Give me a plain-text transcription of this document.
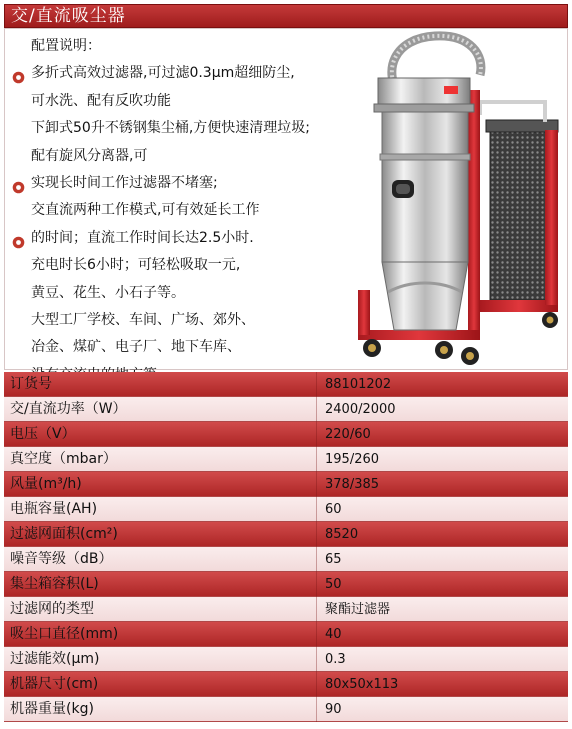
交/直流吸尘器
配置说明：
多折式高效过滤器,可过滤0.3μm超细防尘,
可水洗、配有反吹功能
下卸式50升不锈钢集尘桶,方便快速清理垃圾;
配有旋风分离器,可
实现长时间工作过滤器不堵塞;
交直流两种工作模式,可有效延长工作
的时间；直流工作时间长达2.5小时.
充电时长6小时；可轻松吸取一元,
黄豆、花生、小石子等。
大型工厂学校、车间、广场、郊外、
冶金、煤矿、电子厂、地下车库、
订货号	88101202
交/直流功率（W）	2400/2000
电压（V）	220/60
真空度（mbar）	195/260
风量(m³/h)	378/385
电瓶容量(AH)	60
过滤网面积(cm²)	8520
噪音等级（dB）	65
集尘箱容积(L)	50
过滤网的类型	聚酯过滤器
吸尘口直径(mm)	40
过滤能效(μm)	0.3
机器尺寸(cm)	80x50x113
机器重量(kg)	90
